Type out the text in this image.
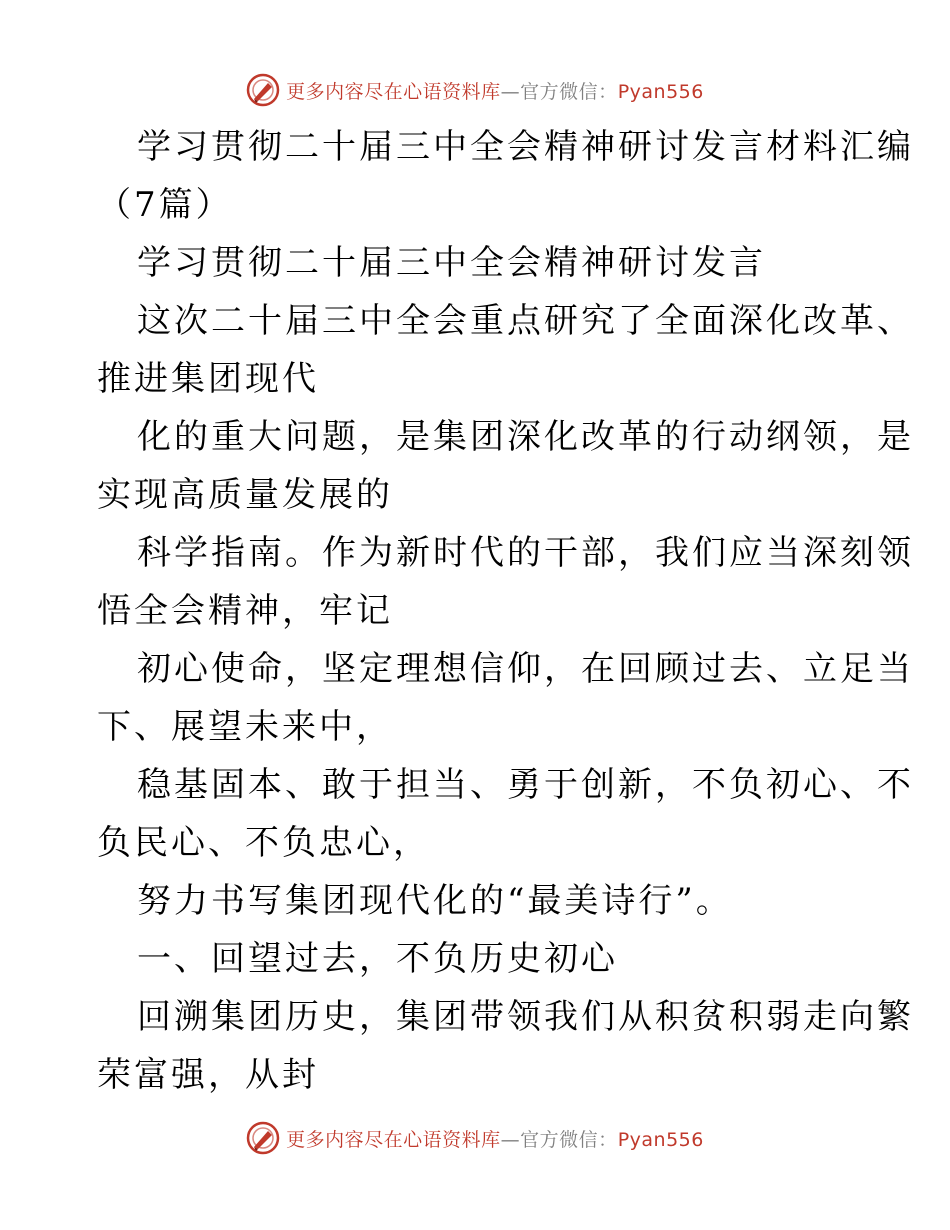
更多内容尽在心语资料库—官方微信：Pyan556
学习贯彻二十届三中全会精神研讨发言材料汇编
（7篇）
学习贯彻二十届三中全会精神研讨发言
这次二十届三中全会重点研究了全面深化改革、
推进集团现代
化的重大问题，是集团深化改革的行动纲领，是
实现高质量发展的
科学指南。作为新时代的干部，我们应当深刻领
悟全会精神，牢记
初心使命，坚定理想信仰，在回顾过去、立足当
下、展望未来中，
稳基固本、敢于担当、勇于创新，不负初心、不
负民心、不负忠心，
努力书写集团现代化的“最美诗行”。
一、回望过去，不负历史初心
回溯集团历史，集团带领我们从积贫积弱走向繁
荣富强，从封
更多内容尽在心语资料库—官方微信：Pyan556
